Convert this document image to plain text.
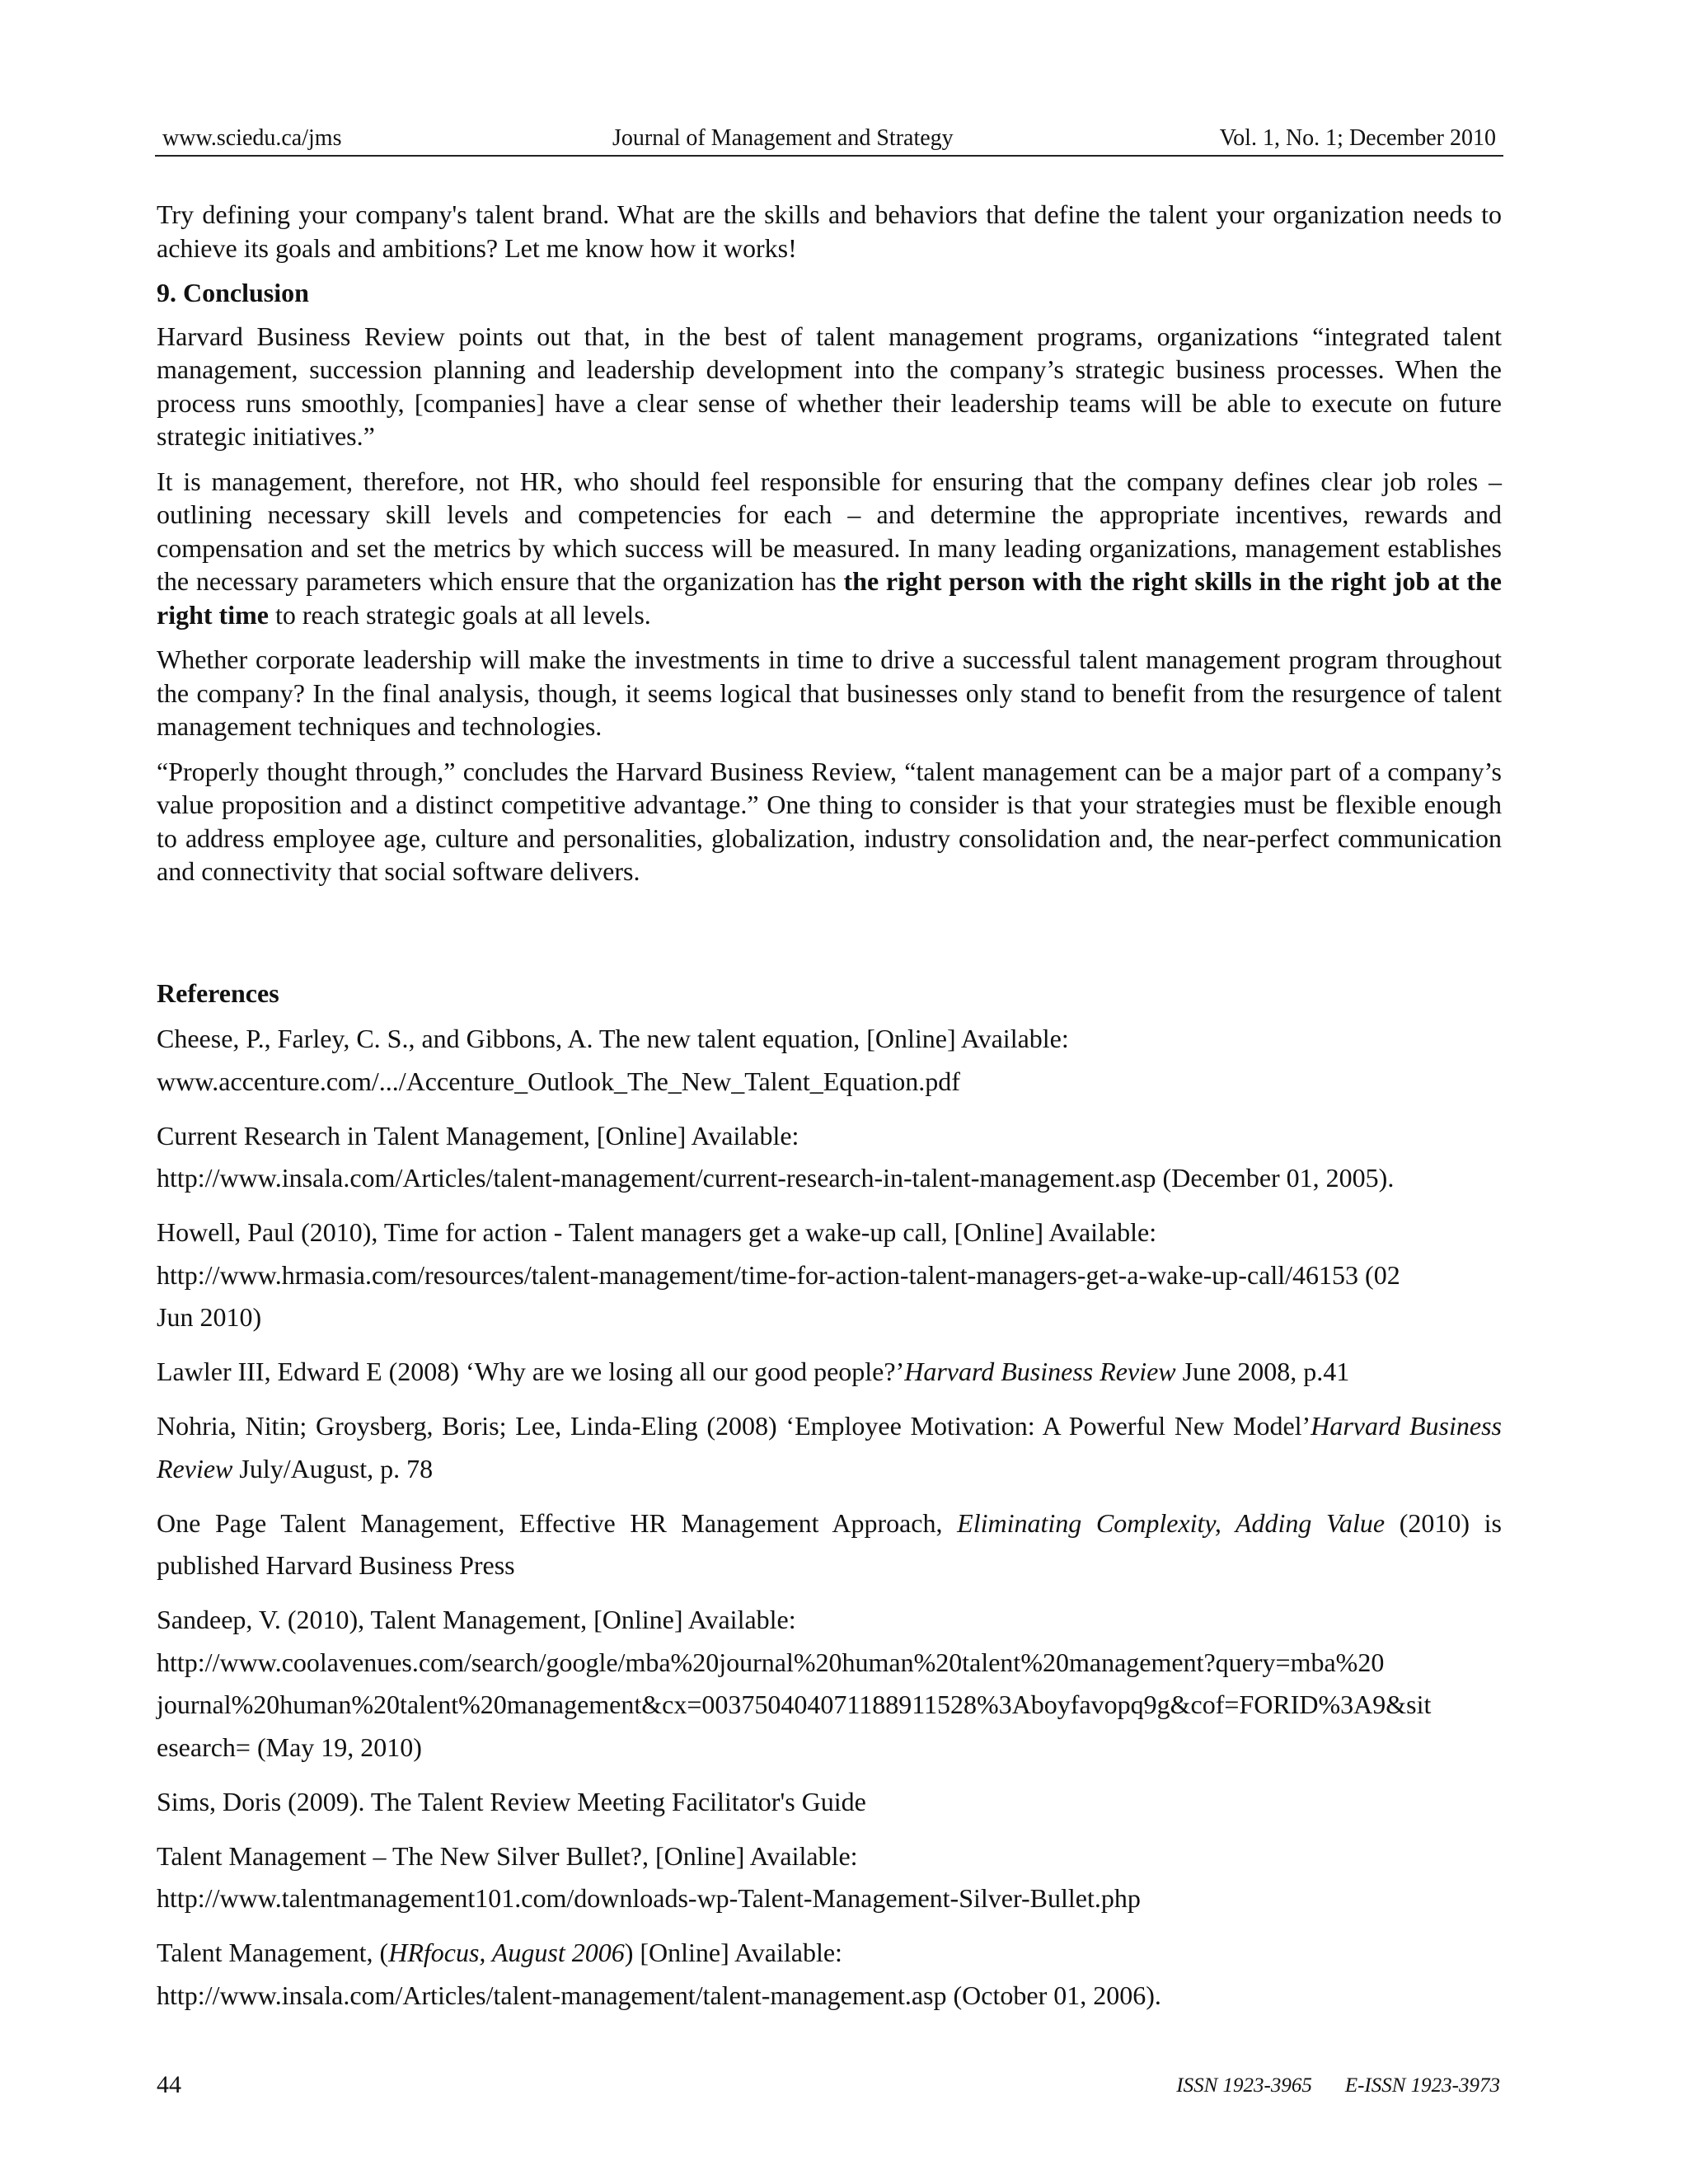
www.sciedu.ca/jms	Journal of Management and Strategy	Vol. 1, No. 1; December 2010

Try defining your company's talent brand. What are the skills and behaviors that define the talent your organization needs to achieve its goals and ambitions? Let me know how it works!

9. Conclusion

Harvard Business Review points out that, in the best of talent management programs, organizations “integrated talent management, succession planning and leadership development into the company’s strategic business processes. When the process runs smoothly, [companies] have a clear sense of whether their leadership teams will be able to execute on future strategic initiatives.”

It is management, therefore, not HR, who should feel responsible for ensuring that the company defines clear job roles – outlining necessary skill levels and competencies for each – and determine the appropriate incentives, rewards and compensation and set the metrics by which success will be measured. In many leading organizations, management establishes the necessary parameters which ensure that the organization has the right person with the right skills in the right job at the right time to reach strategic goals at all levels.

Whether corporate leadership will make the investments in time to drive a successful talent management program throughout the company? In the final analysis, though, it seems logical that businesses only stand to benefit from the resurgence of talent management techniques and technologies.

“Properly thought through,” concludes the Harvard Business Review, “talent management can be a major part of a company’s value proposition and a distinct competitive advantage.” One thing to consider is that your strategies must be flexible enough to address employee age, culture and personalities, globalization, industry consolidation and, the near-perfect communication and connectivity that social software delivers.

References
Cheese, P., Farley, C. S., and Gibbons, A. The new talent equation, [Online] Available:
www.accenture.com/.../Accenture_Outlook_The_New_Talent_Equation.pdf
Current Research in Talent Management, [Online] Available:
http://www.insala.com/Articles/talent-management/current-research-in-talent-management.asp (December 01, 2005).
Howell, Paul (2010), Time for action - Talent managers get a wake-up call, [Online] Available:
http://www.hrmasia.com/resources/talent-management/time-for-action-talent-managers-get-a-wake-up-call/46153 (02
Jun 2010)
Lawler III, Edward E (2008) ‘Why are we losing all our good people?’Harvard Business Review June 2008, p.41
Nohria, Nitin; Groysberg, Boris; Lee, Linda-Eling (2008) ‘Employee Motivation: A Powerful New Model’Harvard Business Review July/August, p. 78
One Page Talent Management, Effective HR Management Approach, Eliminating Complexity, Adding Value (2010) is published Harvard Business Press
Sandeep, V. (2010), Talent Management, [Online] Available:
http://www.coolavenues.com/search/google/mba%20journal%20human%20talent%20management?query=mba%20
journal%20human%20talent%20management&cx=003750404071188911528%3Aboyfavopq9g&cof=FORID%3A9&sit
esearch= (May 19, 2010)
Sims, Doris (2009). The Talent Review Meeting Facilitator's Guide
Talent Management – The New Silver Bullet?, [Online] Available:
http://www.talentmanagement101.com/downloads-wp-Talent-Management-Silver-Bullet.php
Talent Management, (HRfocus, August 2006) [Online] Available:
http://www.insala.com/Articles/talent-management/talent-management.asp (October 01, 2006).
44	ISSN 1923-3965 E-ISSN 1923-3973
